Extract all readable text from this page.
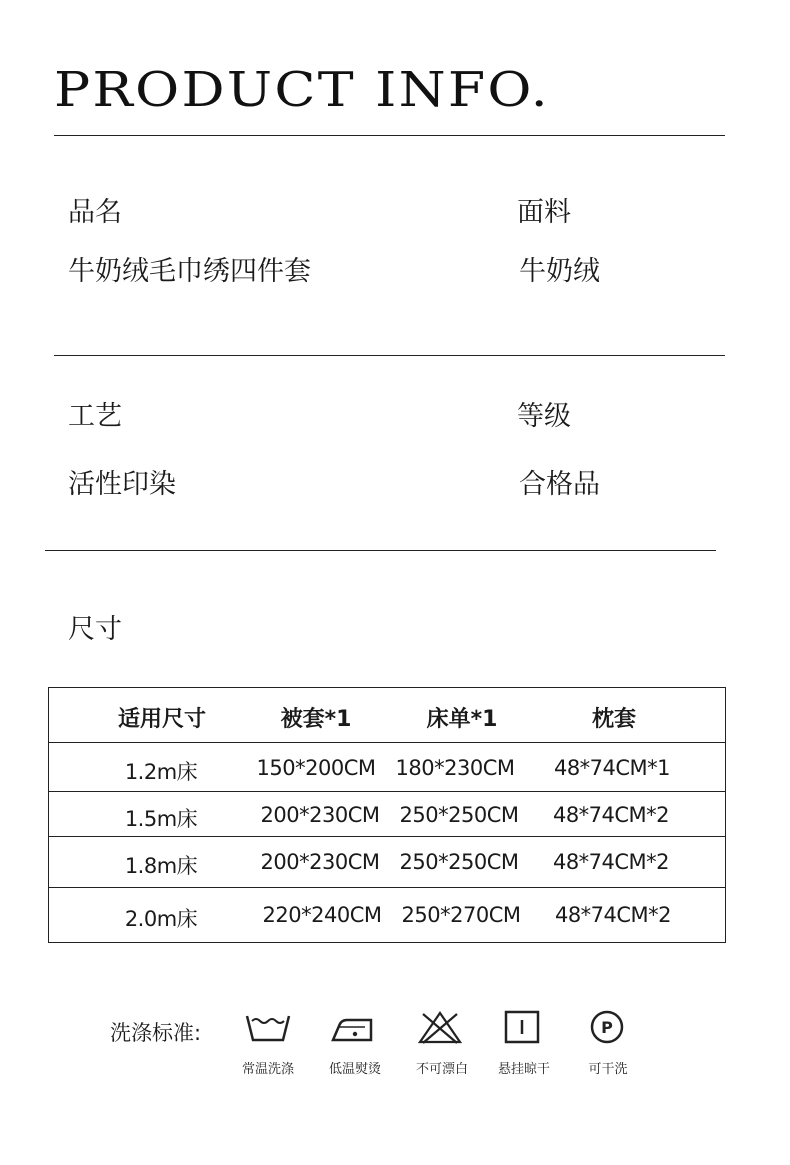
PRODUCT INFO.
品名
牛奶绒毛巾绣四件套
面料
牛奶绒
工艺
活性印染
等级
合格品
尺寸
适用尺寸	被套*1	床单*1	枕套
1.2m床	150*200CM 180*230CM 48*74CM*1
1.5m床	200*230CM 250*250CM 48*74CM*2
1.8m床	200*230CM 250*250CM 48*74CM*2
2.0m床	220*240CM 250*270CM 48*74CM*2
洗涤标准:	P
常温洗涤	低温熨烫	不可漂白 悬挂晾干	可干洗
